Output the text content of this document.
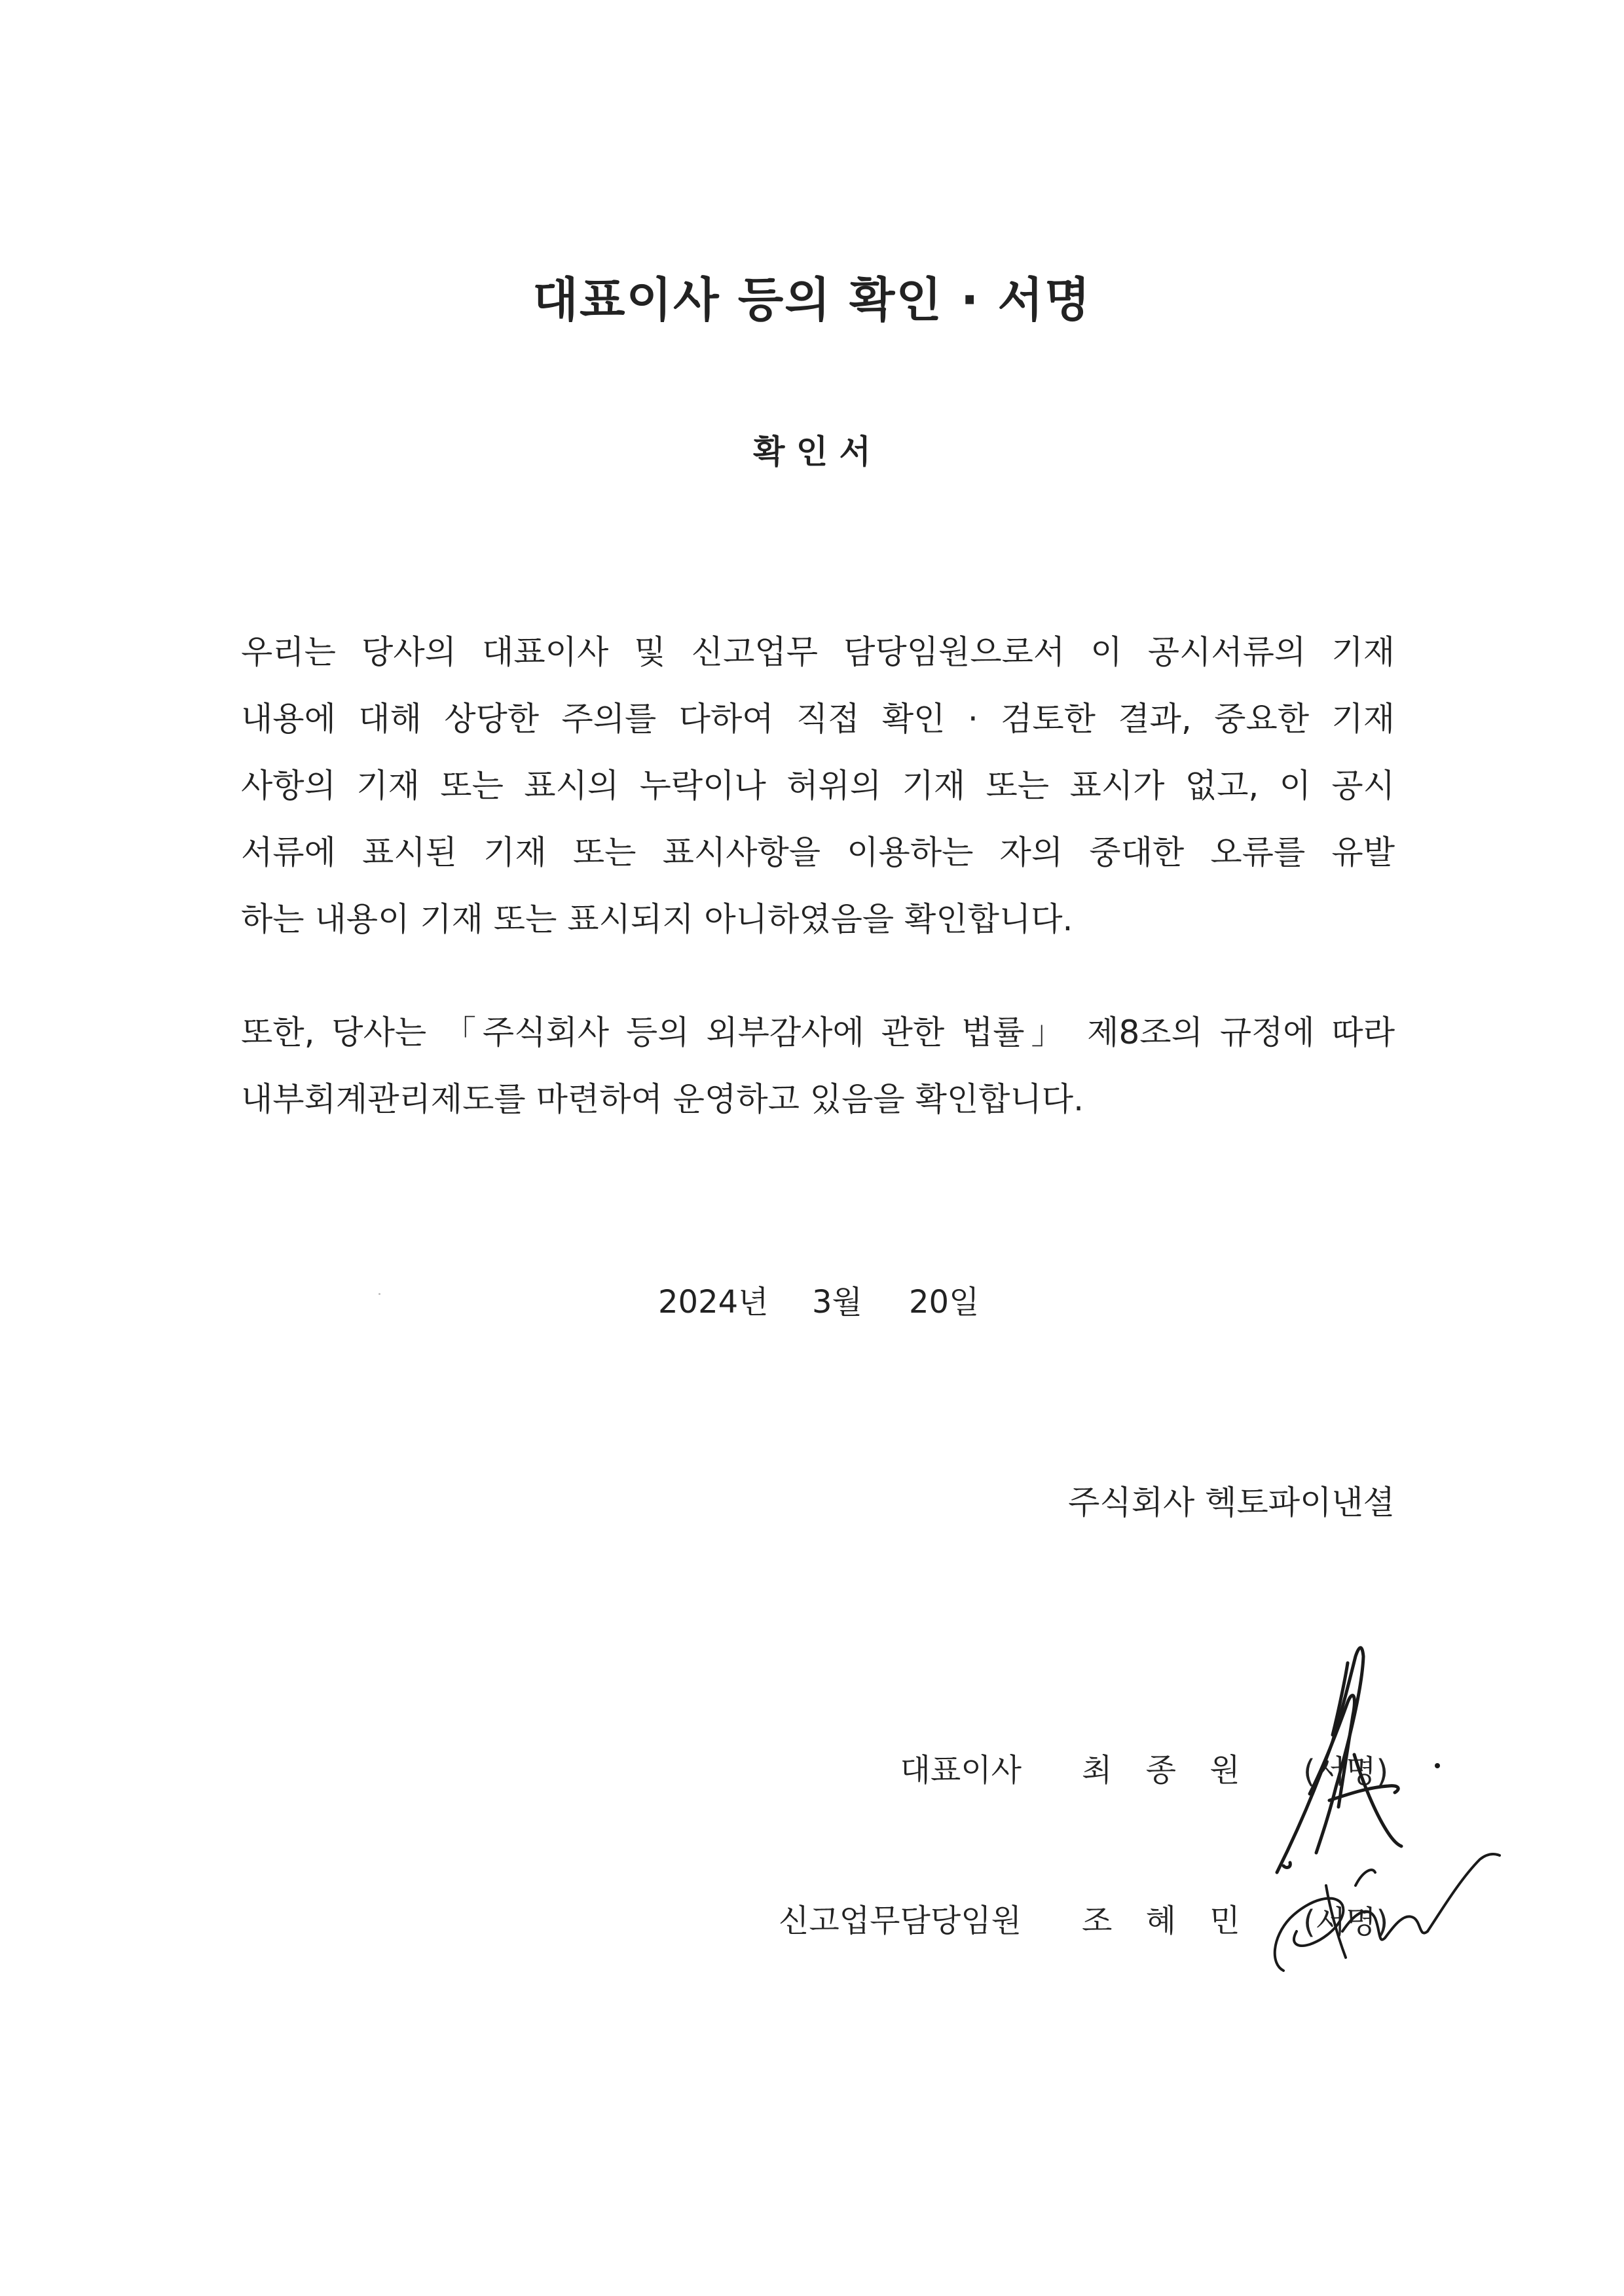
대표이사 등의 확인 · 서명
확 인 서
우리는 당사의 대표이사 및 신고업무 담당임원으로서 이 공시서류의 기재
내용에 대해 상당한 주의를 다하여 직접 확인 · 검토한 결과, 중요한 기재
사항의 기재 또는 표시의 누락이나 허위의 기재 또는 표시가 없고, 이 공시
서류에 표시된 기재 또는 표시사항을 이용하는 자의 중대한 오류를 유발
하는 내용이 기재 또는 표시되지 아니하였음을 확인합니다.
또한, 당사는 「주식회사 등의 외부감사에 관한 법률」 제8조의 규정에 따라
내부회계관리제도를 마련하여 운영하고 있음을 확인합니다.
2024년 3월 20일
주식회사 헥토파이낸셜
대표이사 최 종 원 (서명)
신고업무담당임원 조 혜 민 (서명)
